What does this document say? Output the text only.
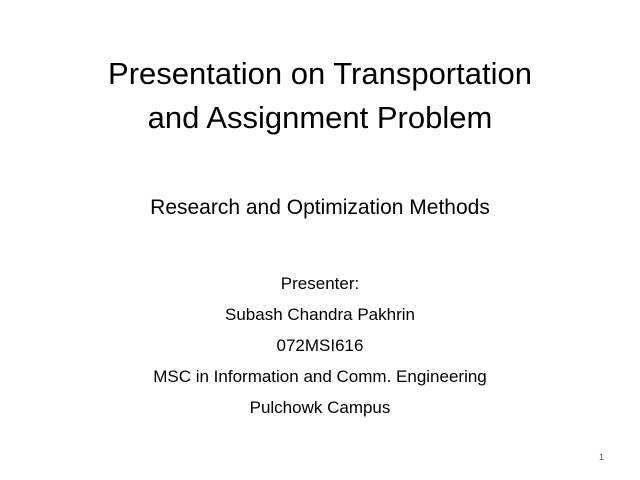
Presentation on Transportation
and Assignment Problem
Research and Optimization Methods
Presenter:
Subash Chandra Pakhrin
072MSI616
MSC in Information and Comm. Engineering
Pulchowk Campus
1
